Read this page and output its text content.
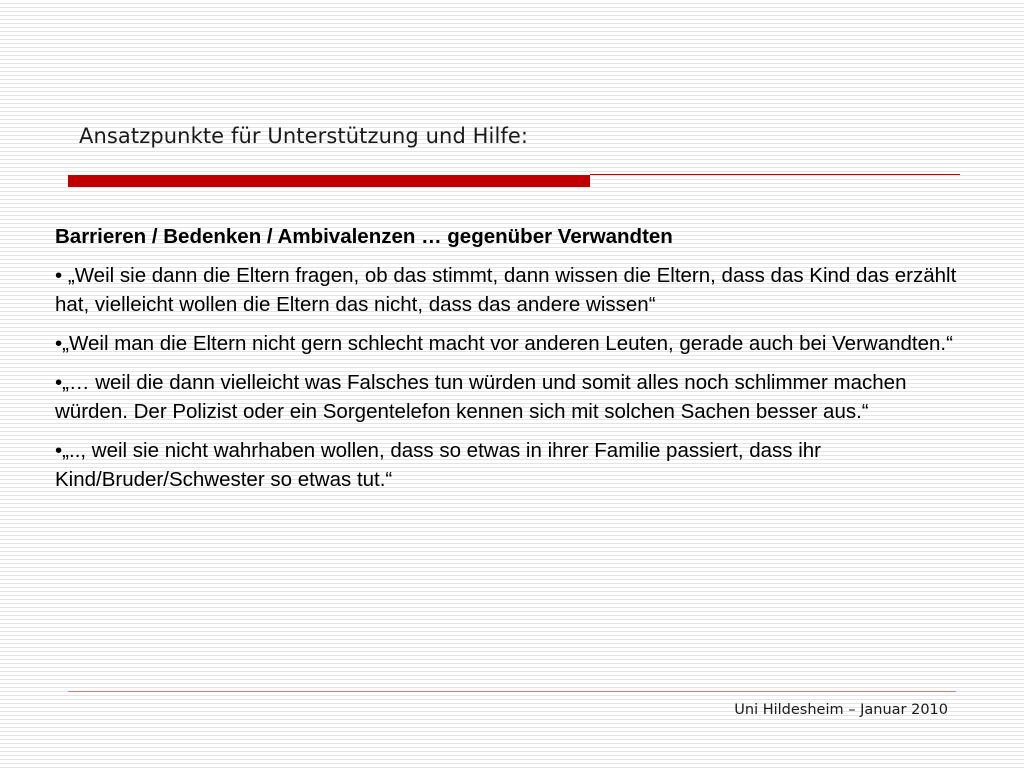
Ansatzpunkte für Unterstützung und Hilfe:
Barrieren / Bedenken / Ambivalenzen … gegenüber Verwandten
• „Weil sie dann die Eltern fragen, ob das stimmt, dann wissen die Eltern, dass das Kind das erzählt hat, vielleicht wollen die Eltern das nicht, dass das andere wissen“
•„Weil man die Eltern nicht gern schlecht macht vor anderen Leuten, gerade auch bei Verwandten.“
•„… weil die dann vielleicht was Falsches tun würden und somit alles noch schlimmer machen würden. Der Polizist oder ein Sorgentelefon kennen sich mit solchen Sachen besser aus.“
•„.., weil sie nicht wahrhaben wollen, dass so etwas in ihrer Familie passiert, dass ihr Kind/Bruder/Schwester so etwas tut.“
Uni Hildesheim – Januar 2010
